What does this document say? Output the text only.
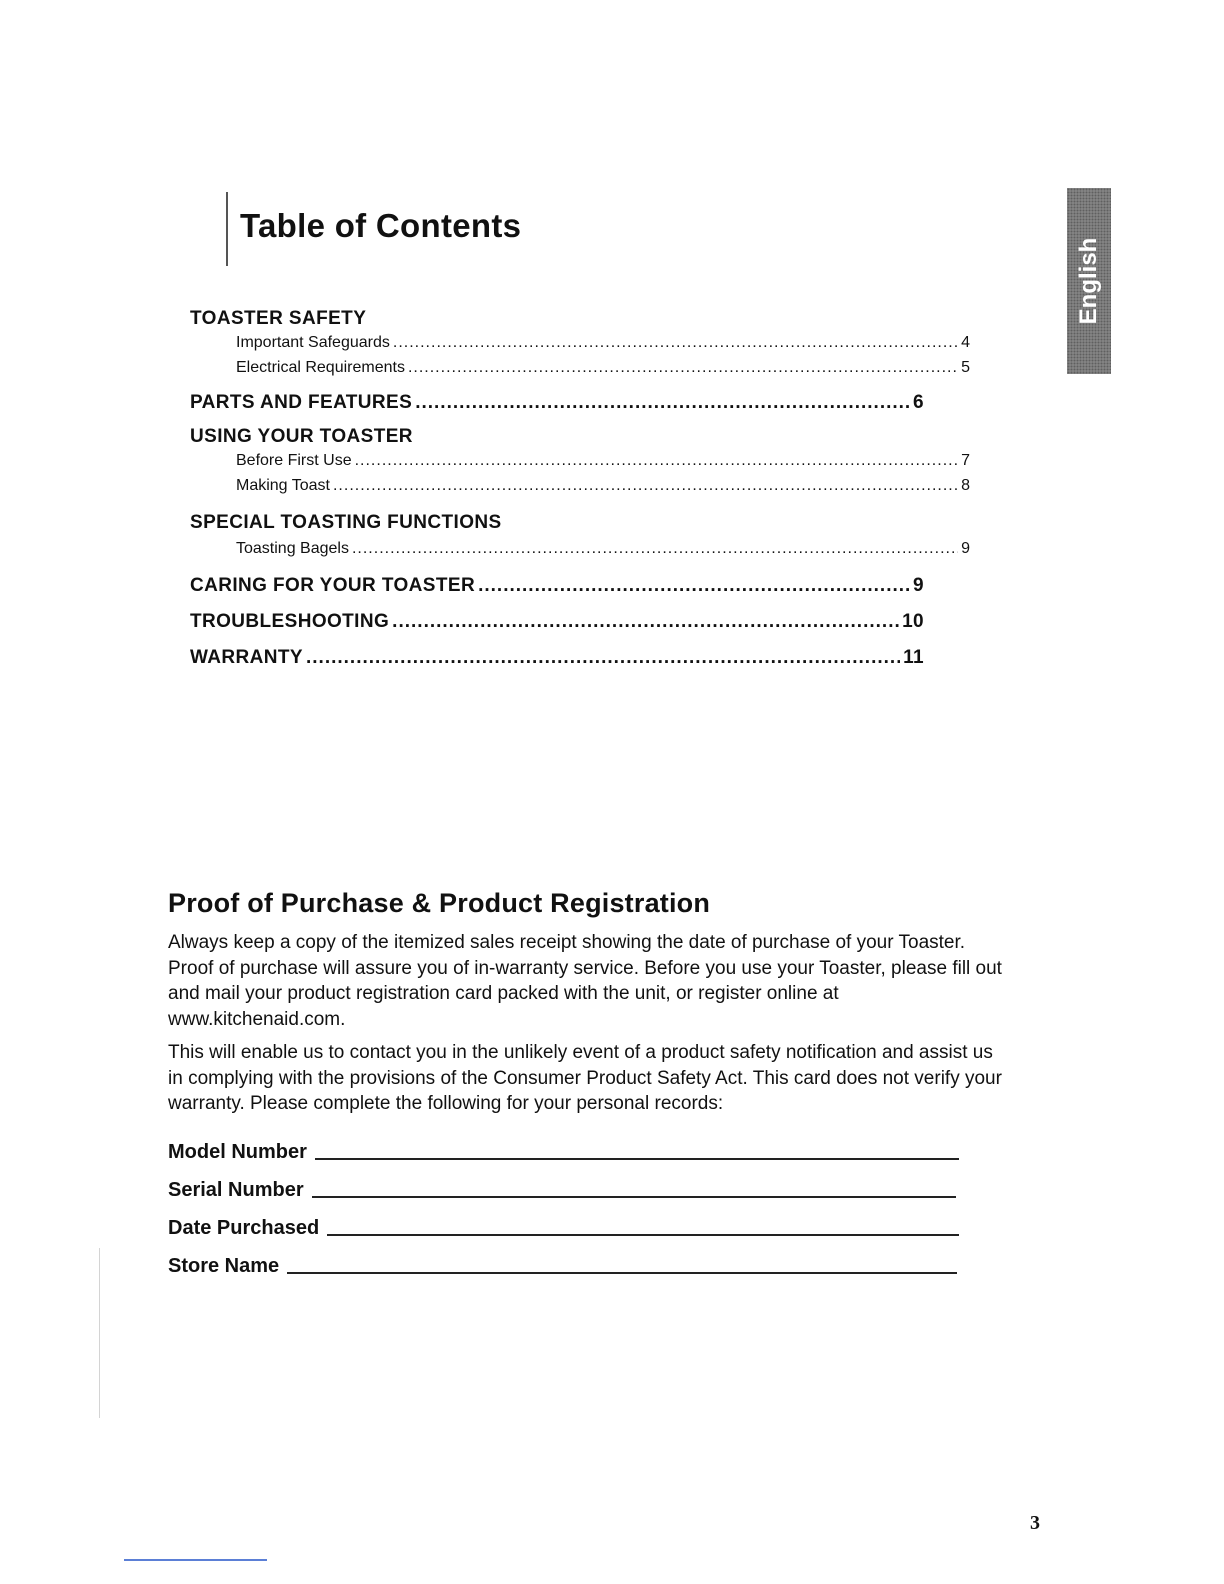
Table of Contents
TOASTER SAFETY
Important Safeguards .....	4
Electrical Requirements .....	5
PARTS AND FEATURES .....	6
USING YOUR TOASTER
Before First Use .....	7
Making Toast .....	8
SPECIAL TOASTING FUNCTIONS
Toasting Bagels .....	9
CARING FOR YOUR TOASTER .....	9
TROUBLESHOOTING .....	10
WARRANTY .....	11
English
Proof of Purchase & Product Registration

Always keep a copy of the itemized sales receipt showing the date of purchase of your Toaster. Proof of purchase will assure you of in-warranty service. Before you use your Toaster, please fill out and mail your product registration card packed with the unit, or register online at www.kitchenaid.com.

This will enable us to contact you in the unlikely event of a product safety notification and assist us in complying with the provisions of the Consumer Product Safety Act. This card does not verify your warranty. Please complete the following for your personal records:

Model Number
Serial Number
Date Purchased
Store Name
3
